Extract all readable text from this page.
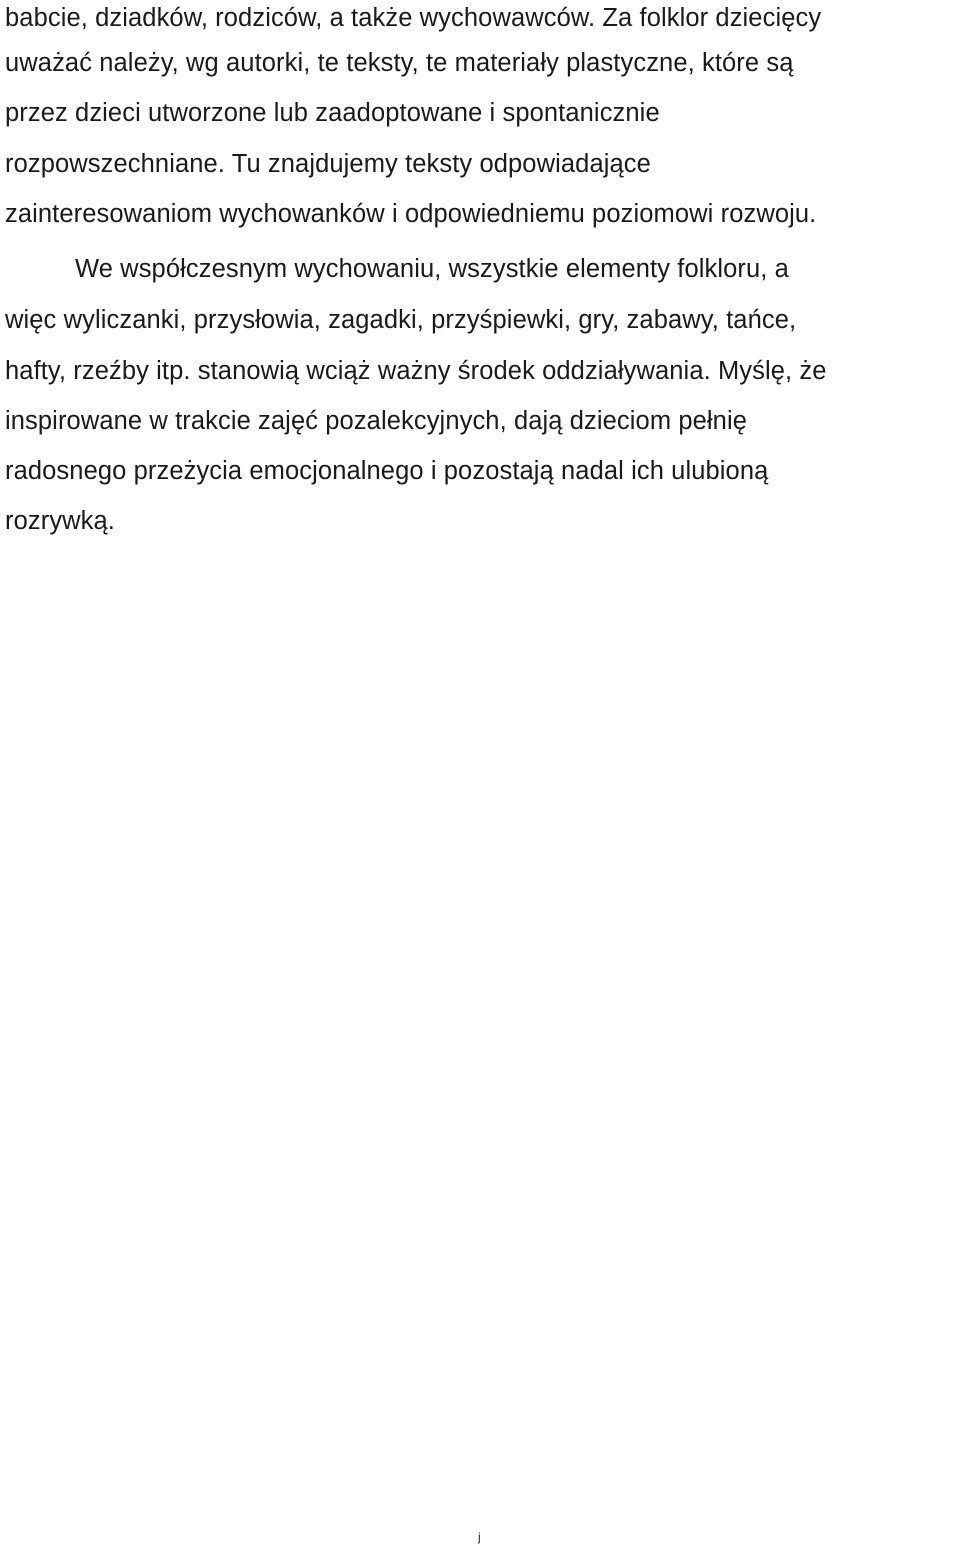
babcie, dziadków, rodziców, a także wychowawców. Za folklor dziecięcy
uważać należy, wg autorki, te teksty, te materiały plastyczne, które są
przez dzieci utworzone lub zaadoptowane i spontanicznie
rozpowszechniane. Tu znajdujemy teksty odpowiadające
zainteresowaniom wychowanków i odpowiedniemu poziomowi rozwoju.
We współczesnym wychowaniu, wszystkie elementy folkloru, a
więc wyliczanki, przysłowia, zagadki, przyśpiewki, gry, zabawy, tańce,
hafty, rzeźby itp. stanowią wciąż ważny środek oddziaływania. Myślę, że
inspirowane w trakcie zajęć pozalekcyjnych, dają dzieciom pełnię
radosnego przeżycia emocjonalnego i pozostają nadal ich ulubioną
rozrywką.
j
